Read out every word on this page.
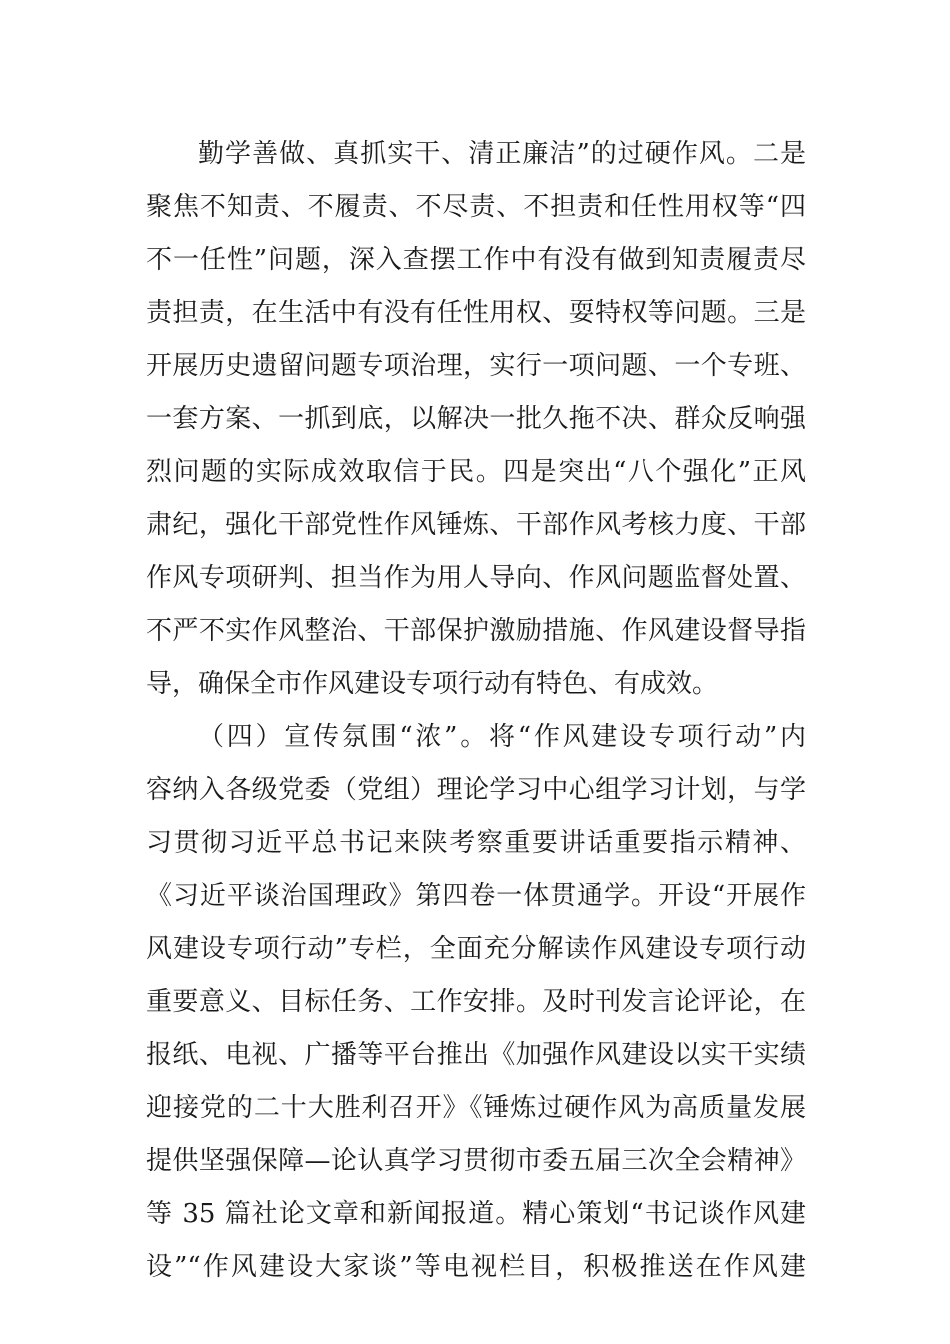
勤学善做、真抓实干、清正廉洁”的过硬作风。二是
聚焦不知责、不履责、不尽责、不担责和任性用权等“四
不一任性”问题，深入查摆工作中有没有做到知责履责尽
责担责，在生活中有没有任性用权、耍特权等问题。三是
开展历史遗留问题专项治理，实行一项问题、一个专班、
一套方案、一抓到底，以解决一批久拖不决、群众反响强
烈问题的实际成效取信于民。四是突出“八个强化”正风
肃纪，强化干部党性作风锤炼、干部作风考核力度、干部
作风专项研判、担当作为用人导向、作风问题监督处置、
不严不实作风整治、干部保护激励措施、作风建设督导指
导，确保全市作风建设专项行动有特色、有成效。
（四）宣传氛围“浓”。将“作风建设专项行动”内
容纳入各级党委（党组）理论学习中心组学习计划，与学
习贯彻习近平总书记来陕考察重要讲话重要指示精神、
《习近平谈治国理政》第四卷一体贯通学。开设“开展作
风建设专项行动”专栏，全面充分解读作风建设专项行动
重要意义、目标任务、工作安排。及时刊发言论评论，在
报纸、电视、广播等平台推出《加强作风建设以实干实绩
迎接党的二十大胜利召开》《锤炼过硬作风为高质量发展
提供坚强保障—论认真学习贯彻市委五届三次全会精神》
等 35 篇社论文章和新闻报道。精心策划“书记谈作风建
设”“作风建设大家谈”等电视栏目，积极推送在作风建
